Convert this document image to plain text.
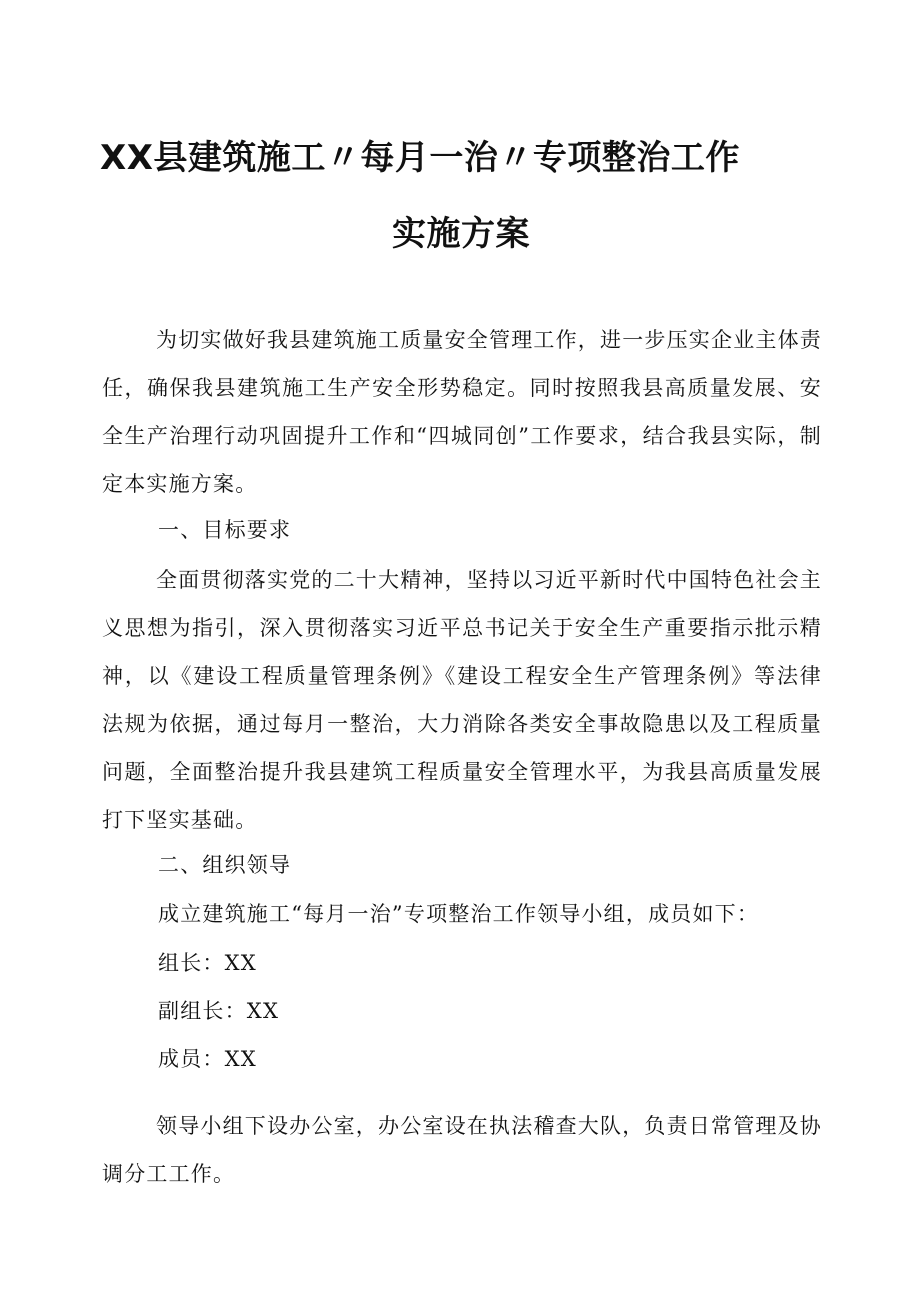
XX县建筑施工〃每月一治〃专项整治工作
实施方案

为切实做好我县建筑施工质量安全管理工作，进一步压实企业主体责任，确保我县建筑施工生产安全形势稳定。同时按照我县高质量发展、安全生产治理行动巩固提升工作和“四城同创”工作要求，结合我县实际，制定本实施方案。

一、目标要求

全面贯彻落实党的二十大精神，坚持以习近平新时代中国特色社会主义思想为指引，深入贯彻落实习近平总书记关于安全生产重要指示批示精神，以《建设工程质量管理条例》《建设工程安全生产管理条例》等法律法规为依据，通过每月一整治，大力消除各类安全事故隐患以及工程质量问题，全面整治提升我县建筑工程质量安全管理水平，为我县高质量发展打下坚实基础。

二、组织领导
成立建筑施工“每月一治”专项整治工作领导小组，成员如下：
组长：XX
副组长：XX
成员：XX

领导小组下设办公室，办公室设在执法稽查大队，负责日常管理及协调分工工作。
